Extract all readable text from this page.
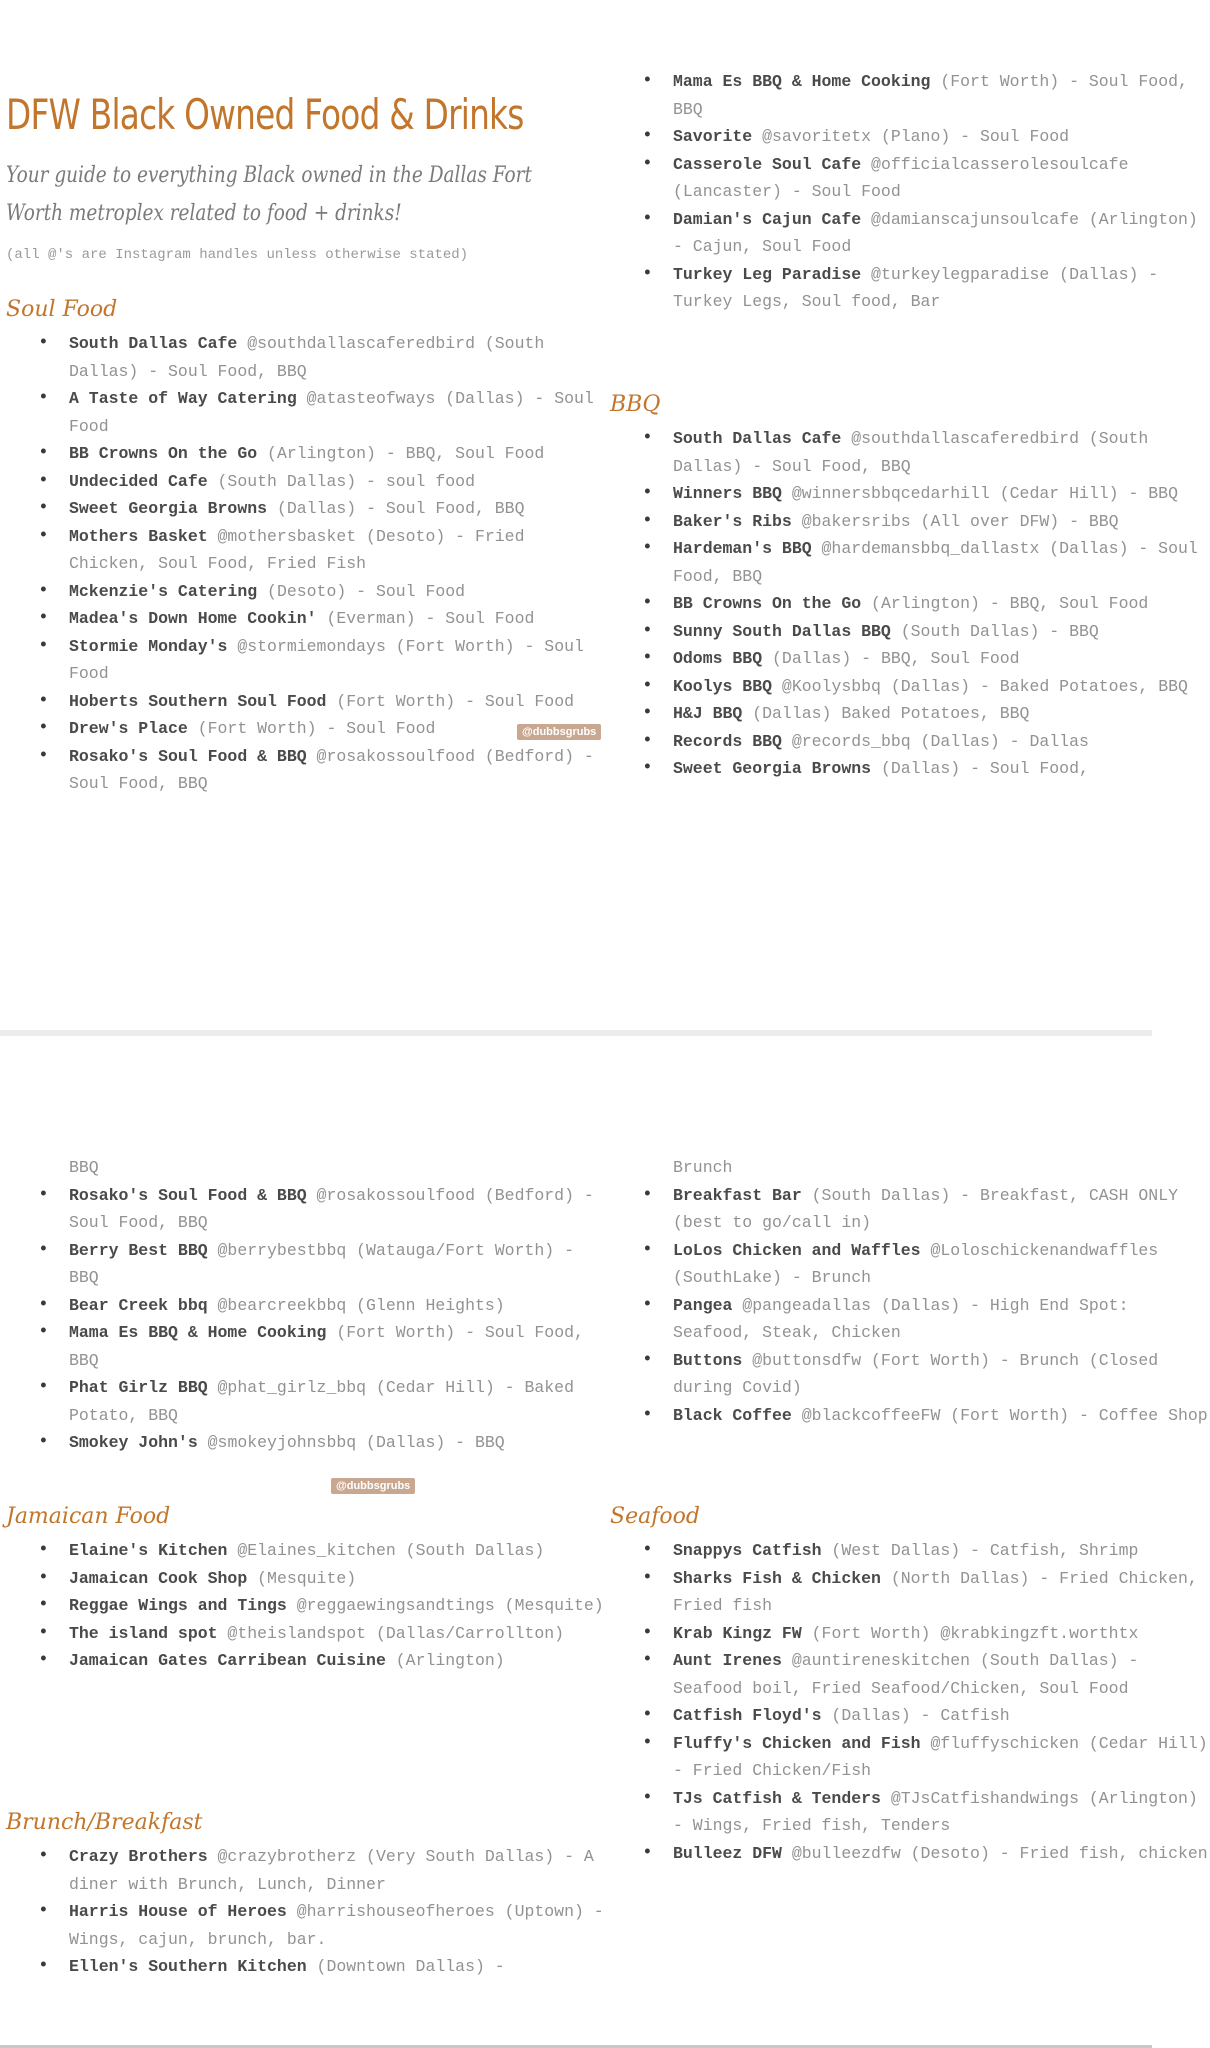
DFW Black Owned Food & Drinks

Your guide to everything Black owned in the Dallas Fort Worth metroplex related to food + drinks!

(all @'s are Instagram handles unless otherwise stated)
Soul Food
• South Dallas Cafe @southdallascaferedbird (South Dallas) - Soul Food, BBQ
• A Taste of Way Catering @atasteofways (Dallas) - Soul Food
• BB Crowns On the Go (Arlington) - BBQ, Soul Food
• Undecided Cafe (South Dallas) - soul food
• Sweet Georgia Browns (Dallas) - Soul Food, BBQ
• Mothers Basket @mothersbasket (Desoto) - Fried Chicken, Soul Food, Fried Fish
• Mckenzie's Catering (Desoto) - Soul Food
• Madea's Down Home Cookin' (Everman) - Soul Food
• Stormie Monday's @stormiemondays (Fort Worth) - Soul Food
• Hoberts Southern Soul Food (Fort Worth) - Soul Food
• Drew's Place (Fort Worth) - Soul Food
• Rosako's Soul Food & BBQ @rosakossoulfood (Bedford) - Soul Food, BBQ
@dubbsgrubs
• Mama Es BBQ & Home Cooking (Fort Worth) - Soul Food, BBQ
• Savorite @savoritetx (Plano) - Soul Food
• Casserole Soul Cafe @officialcasserolesoulcafe (Lancaster) - Soul Food
• Damian's Cajun Cafe @damianscajunsoulcafe (Arlington) - Cajun, Soul Food
• Turkey Leg Paradise @turkeylegparadise (Dallas) - Turkey Legs, Soul food, Bar
BBQ
• South Dallas Cafe @southdallascaferedbird (South Dallas) - Soul Food, BBQ
• Winners BBQ @winnersbbqcedarhill (Cedar Hill) - BBQ
• Baker's Ribs @bakersribs (All over DFW) - BBQ
• Hardeman's BBQ @hardemansbbq_dallastx (Dallas) - Soul Food, BBQ
• BB Crowns On the Go (Arlington) - BBQ, Soul Food
• Sunny South Dallas BBQ (South Dallas) - BBQ
• Odoms BBQ (Dallas) - BBQ, Soul Food
• Koolys BBQ @Koolysbbq (Dallas) - Baked Potatoes, BBQ
• H&J BBQ (Dallas) Baked Potatoes, BBQ
• Records BBQ @records_bbq (Dallas) - Dallas
• Sweet Georgia Browns (Dallas) - Soul Food,
BBQ
• Rosako's Soul Food & BBQ @rosakossoulfood (Bedford) - Soul Food, BBQ
• Berry Best BBQ @berrybestbbq (Watauga/Fort Worth) - BBQ
• Bear Creek bbq @bearcreekbbq (Glenn Heights)
• Mama Es BBQ & Home Cooking (Fort Worth) - Soul Food, BBQ
• Phat Girlz BBQ @phat_girlz_bbq (Cedar Hill) - Baked Potato, BBQ
• Smokey John's @smokeyjohnsbbq (Dallas) - BBQ
@dubbsgrubs
Jamaican Food
• Elaine's Kitchen @Elaines_kitchen (South Dallas)
• Jamaican Cook Shop (Mesquite)
• Reggae Wings and Tings @reggaewingsandtings (Mesquite)
• The island spot @theislandspot (Dallas/Carrollton)
• Jamaican Gates Carribean Cuisine (Arlington)
Brunch/Breakfast
• Crazy Brothers @crazybrotherz (Very South Dallas) - A diner with Brunch, Lunch, Dinner
• Harris House of Heroes @harrishouseofheroes (Uptown) - Wings, cajun, brunch, bar.
• Ellen's Southern Kitchen (Downtown Dallas) -
Brunch
• Breakfast Bar (South Dallas) - Breakfast, CASH ONLY (best to go/call in)
• LoLos Chicken and Waffles @Loloschickenandwaffles (SouthLake) - Brunch
• Pangea @pangeadallas (Dallas) - High End Spot: Seafood, Steak, Chicken
• Buttons @buttonsdfw (Fort Worth) - Brunch (Closed during Covid)
• Black Coffee @blackcoffeeFW (Fort Worth) - Coffee Shop
Seafood
• Snappys Catfish (West Dallas) - Catfish, Shrimp
• Sharks Fish & Chicken (North Dallas) - Fried Chicken, Fried fish
• Krab Kingz FW (Fort Worth) @krabkingzft.worthtx
• Aunt Irenes @auntireneskitchen (South Dallas) - Seafood boil, Fried Seafood/Chicken, Soul Food
• Catfish Floyd's (Dallas) - Catfish
• Fluffy's Chicken and Fish @fluffyschicken (Cedar Hill) - Fried Chicken/Fish
• TJs Catfish & Tenders @TJsCatfishandwings (Arlington) - Wings, Fried fish, Tenders
• Bulleez DFW @bulleezdfw (Desoto) - Fried fish, chicken
